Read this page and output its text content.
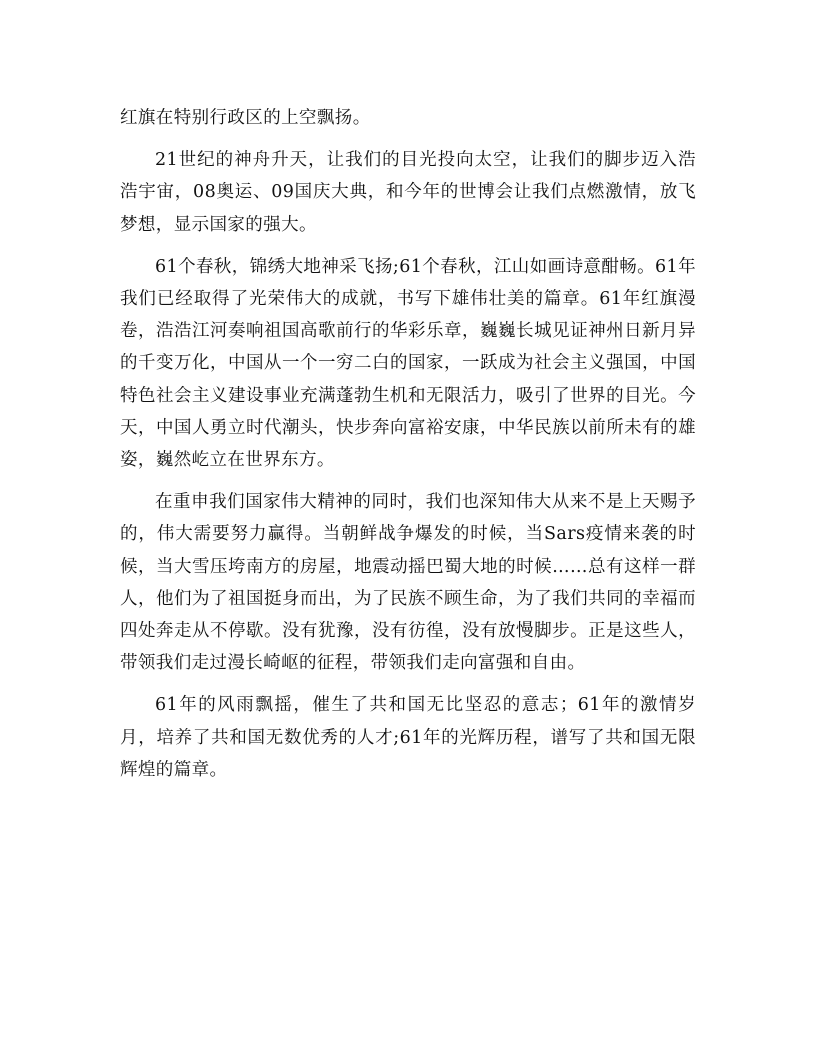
红旗在特别行政区的上空飘扬。

21世纪的神舟升天，让我们的目光投向太空，让我们的脚步迈入浩浩宇宙，08奥运、09国庆大典，和今年的世博会让我们点燃激情，放飞梦想，显示国家的强大。

61个春秋，锦绣大地神采飞扬;61个春秋，江山如画诗意酣畅。61年我们已经取得了光荣伟大的成就，书写下雄伟壮美的篇章。61年红旗漫卷，浩浩江河奏响祖国高歌前行的华彩乐章，巍巍长城见证神州日新月异的千变万化，中国从一个一穷二白的国家，一跃成为社会主义强国，中国特色社会主义建设事业充满蓬勃生机和无限活力，吸引了世界的目光。今天，中国人勇立时代潮头，快步奔向富裕安康，中华民族以前所未有的雄姿，巍然屹立在世界东方。

在重申我们国家伟大精神的同时，我们也深知伟大从来不是上天赐予的，伟大需要努力赢得。当朝鲜战争爆发的时候，当Sars疫情来袭的时候，当大雪压垮南方的房屋，地震动摇巴蜀大地的时候……总有这样一群人，他们为了祖国挺身而出，为了民族不顾生命，为了我们共同的幸福而四处奔走从不停歇。没有犹豫，没有彷徨，没有放慢脚步。正是这些人，带领我们走过漫长崎岖的征程，带领我们走向富强和自由。

61年的风雨飘摇，催生了共和国无比坚忍的意志；61年的激情岁月，培养了共和国无数优秀的人才;61年的光辉历程，谱写了共和国无限辉煌的篇章。
